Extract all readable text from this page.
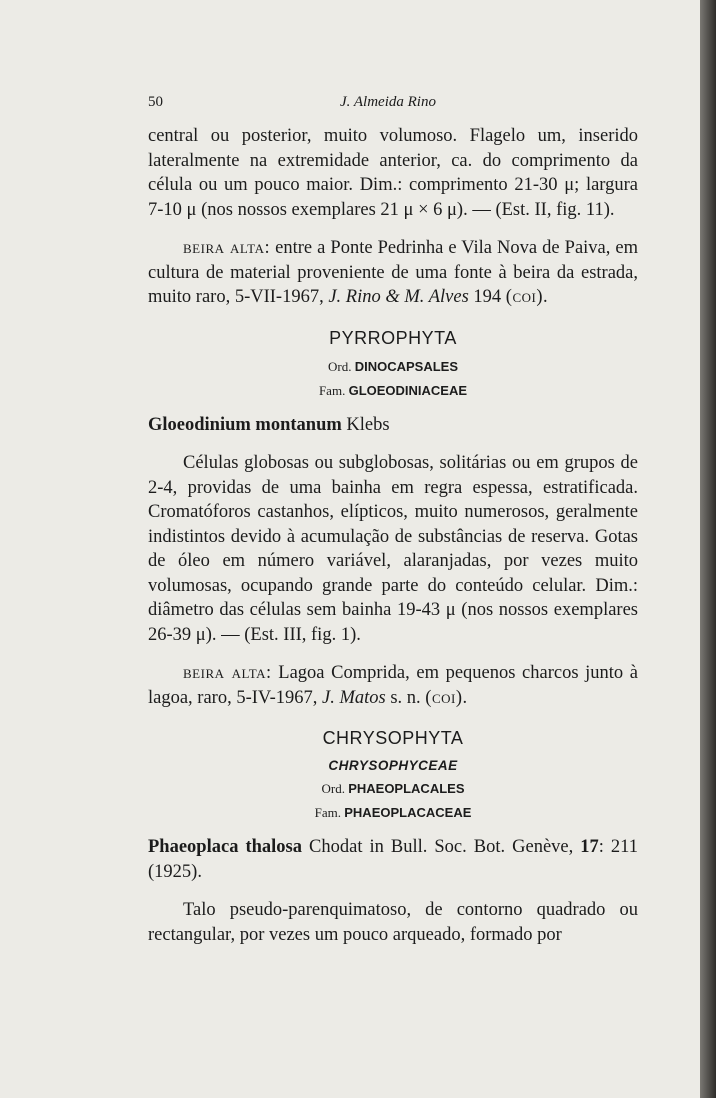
50	J. Almeida Rino

central ou posterior, muito volumoso. Flagelo um, inserido lateralmente na extremidade anterior, ca. do comprimento da célula ou um pouco maior. Dim.: comprimento 21-30 μ; largura 7-10 μ (nos nossos exemplares 21 μ × 6 μ). — (Est. II, fig. 11).

beira alta: entre a Ponte Pedrinha e Vila Nova de Paiva, em cultura de material proveniente de uma fonte à beira da estrada, muito raro, 5-VII-1967, J. Rino & M. Alves 194 (coi).

PYRROPHYTA
Ord. DINOCAPSALES
Fam. GLOEODINIACEAE

Gloeodinium montanum Klebs

Células globosas ou subglobosas, solitárias ou em grupos de 2-4, providas de uma bainha em regra espessa, estratificada. Cromatóforos castanhos, elípticos, muito numerosos, geralmente indistintos devido à acumulação de substâncias de reserva. Gotas de óleo em número variável, alaranjadas, por vezes muito volumosas, ocupando grande parte do conteúdo celular. Dim.: diâmetro das células sem bainha 19-43 μ (nos nossos exemplares 26-39 μ). — (Est. III, fig. 1).

beira alta: Lagoa Comprida, em pequenos charcos junto à lagoa, raro, 5-IV-1967, J. Matos s. n. (coi).

CHRYSOPHYTA
CHRYSOPHYCEAE
Ord. PHAEOPLACALES
Fam. PHAEOPLACACEAE

Phaeoplaca thalosa Chodat in Bull. Soc. Bot. Genève, 17: 211 (1925).

Talo pseudo-parenquimatoso, de contorno quadrado ou rectangular, por vezes um pouco arqueado, formado por
